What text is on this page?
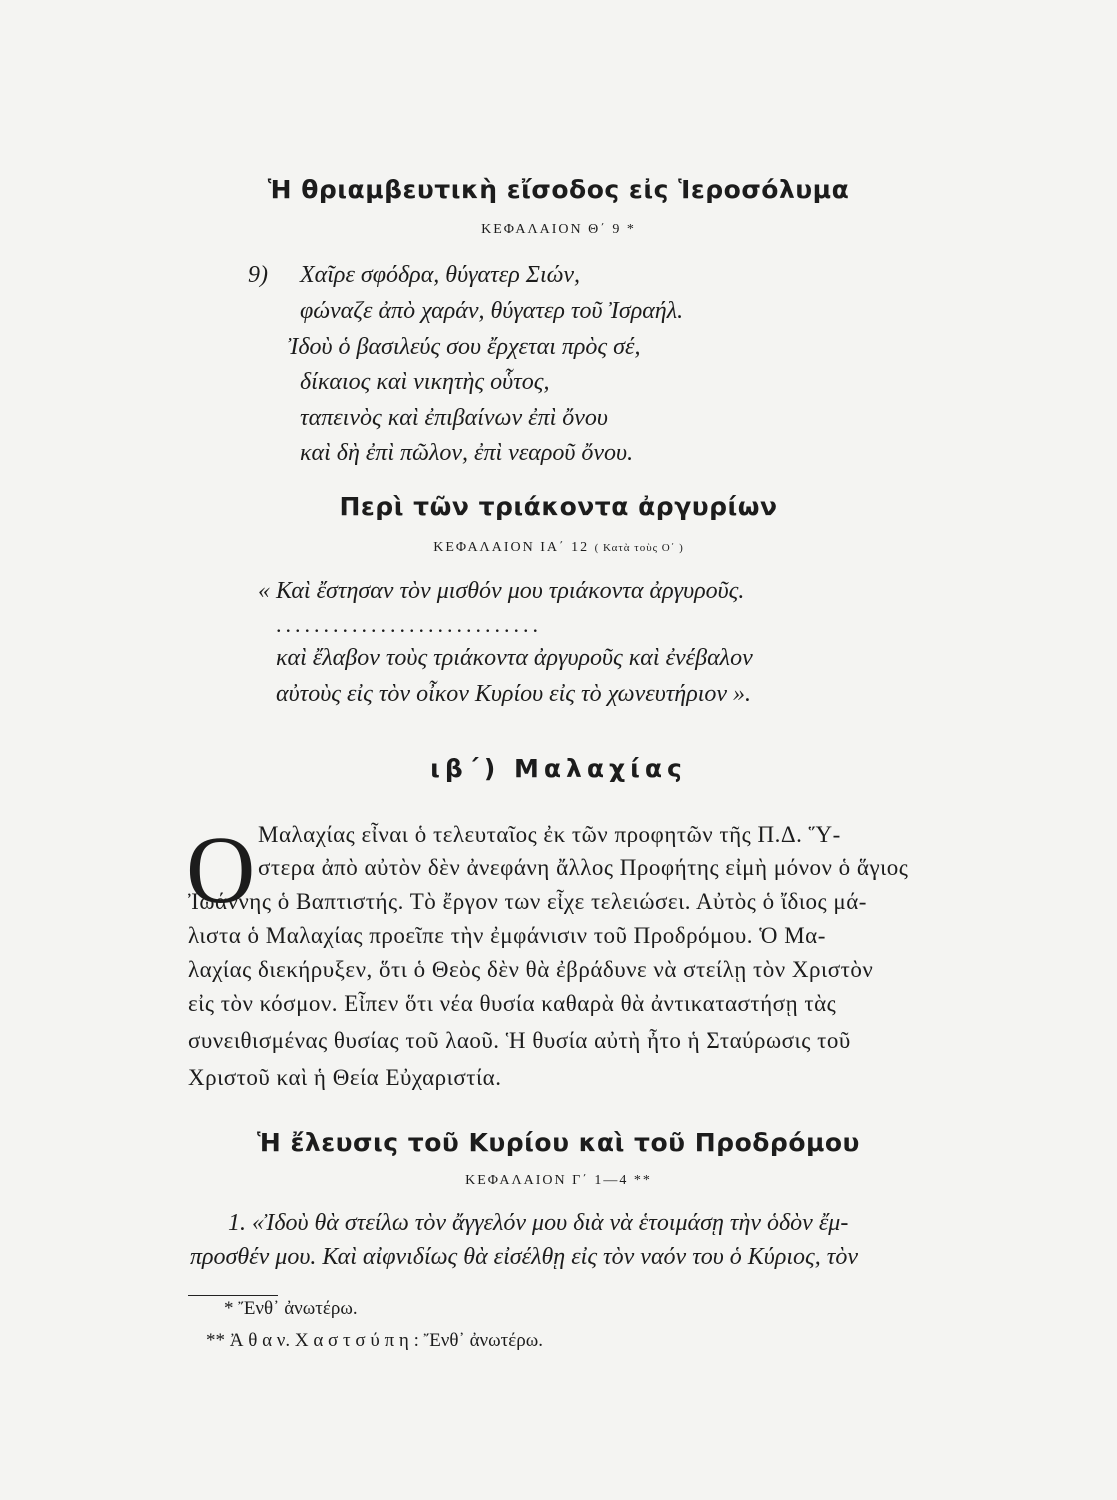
Ἡ θριαμβευτικὴ εἴσοδος εἰς Ἱεροσόλυμα
ΚΕΦΑΛΑΙΟΝ Θ΄ 9 *
9) Χαῖρε σφόδρα, θύγατερ Σιών,
φώναζε ἀπὸ χαράν, θύγατερ τοῦ Ἰσραήλ.
Ἰδοὺ ὁ βασιλεύς σου ἔρχεται πρὸς σέ,
δίκαιος καὶ νικητὴς οὗτος,
ταπεινὸς καὶ ἐπιβαίνων ἐπὶ ὄνου
καὶ δὴ ἐπὶ πῶλον, ἐπὶ νεαροῦ ὄνου.
Περὶ τῶν τριάκοντα ἀργυρίων
ΚΕΦΑΛΑΙΟΝ ΙΑ΄ 12 ( Κατὰ τοὺς Ο΄ )
« Καὶ ἔστησαν τὸν μισθόν μου τριάκοντα ἀργυροῦς.
............................
καὶ ἔλαβον τοὺς τριάκοντα ἀργυροῦς καὶ ἐνέβαλον
αὐτοὺς εἰς τὸν οἶκον Κυρίου εἰς τὸ χωνευτήριον ».
ιβ΄) Μαλαχίας
Ο Μαλαχίας εἶναι ὁ τελευταῖος ἐκ τῶν προφητῶν τῆς Π.Δ. Ὕ-
στερα ἀπὸ αὐτὸν δὲν ἀνεφάνη ἄλλος Προφήτης εἰμὴ μόνον ὁ ἅγιος
Ἰωάννης ὁ Βαπτιστής. Τὸ ἔργον των εἶχε τελειώσει. Αὐτὸς ὁ ἴδιος μά-
λιστα ὁ Μαλαχίας προεῖπε τὴν ἐμφάνισιν τοῦ Προδρόμου. Ὁ Μα-
λαχίας διεκήρυξεν, ὅτι ὁ Θεὸς δὲν θὰ ἐβράδυνε νὰ στείλῃ τὸν Χριστὸν
εἰς τὸν κόσμον. Εἶπεν ὅτι νέα θυσία καθαρὰ θὰ ἀντικαταστήσῃ τὰς
συνειθισμένας θυσίας τοῦ λαοῦ. Ἡ θυσία αὐτὴ ἦτο ἡ Σταύρωσις τοῦ
Χριστοῦ καὶ ἡ Θεία Εὐχαριστία.
Ἡ ἔλευσις τοῦ Κυρίου καὶ τοῦ Προδρόμου
ΚΕΦΑΛΑΙΟΝ Γ΄ 1—4 **
1. «Ἰδοὺ θὰ στείλω τὸν ἄγγελόν μου διὰ νὰ ἑτοιμάσῃ τὴν ὁδὸν ἔμ-
προσθέν μου. Καὶ αἰφνιδίως θὰ εἰσέλθῃ εἰς τὸν ναόν του ὁ Κύριος, τὸν
* Ἔνθ᾽ ἀνωτέρω.
** Ἀ θ α ν. Χ α σ τ σ ύ π η : Ἔνθ᾽ ἀνωτέρω.
